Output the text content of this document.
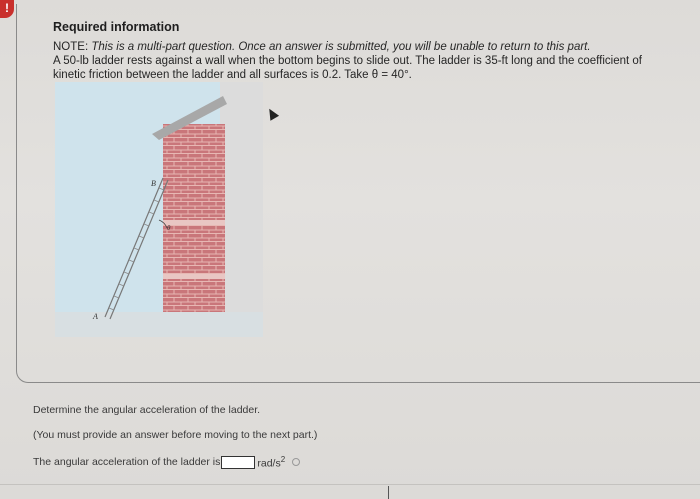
!
Required information
NOTE: This is a multi-part question. Once an answer is submitted, you will be unable to return to this part.
A 50-lb ladder rests against a wall when the bottom begins to slide out. The ladder is 35-ft long and the coefficient of kinetic friction between the ladder and all surfaces is 0.2. Take θ = 40°.
A
B
θ
Determine the angular acceleration of the ladder.
(You must provide an answer before moving to the next part.)
The angular acceleration of the ladder is	rad/$s^2$
